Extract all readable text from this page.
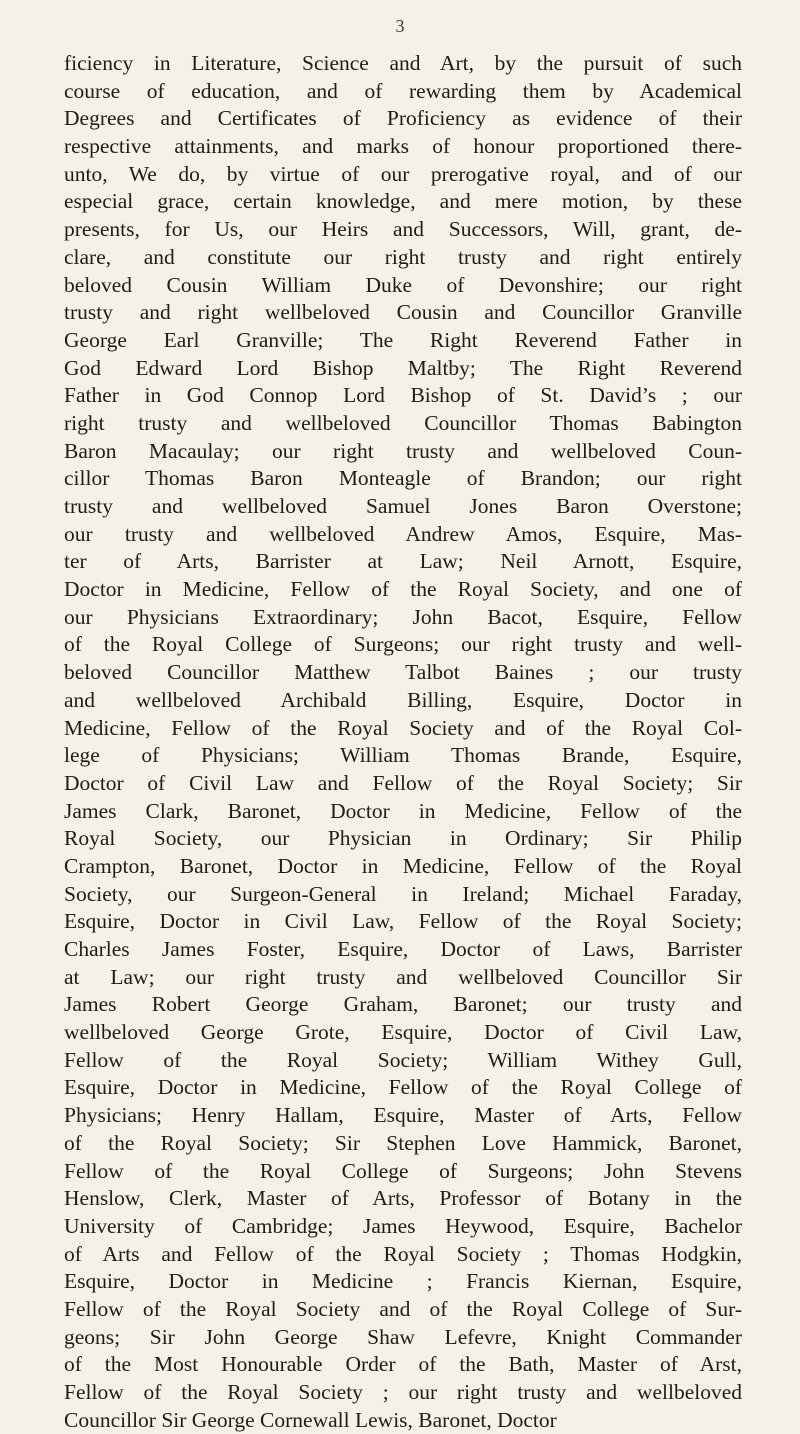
3
ficiency in Literature, Science and Art, by the pursuit of such
course of education, and of rewarding them by Academical
Degrees and Certificates of Proficiency as evidence of their
respective attainments, and marks of honour proportioned there-
unto, We do, by virtue of our prerogative royal, and of our
especial grace, certain knowledge, and mere motion, by these
presents, for Us, our Heirs and Successors, Will, grant, de-
clare, and constitute our right trusty and right entirely
beloved Cousin William Duke of Devonshire; our right
trusty and right wellbeloved Cousin and Councillor Granville
George Earl Granville; The Right Reverend Father in
God Edward Lord Bishop Maltby; The Right Reverend
Father in God Connop Lord Bishop of St. David’s ; our
right trusty and wellbeloved Councillor Thomas Babington
Baron Macaulay; our right trusty and wellbeloved Coun-
cillor Thomas Baron Monteagle of Brandon; our right
trusty and wellbeloved Samuel Jones Baron Overstone;
our trusty and wellbeloved Andrew Amos, Esquire, Mas-
ter of Arts, Barrister at Law; Neil Arnott, Esquire,
Doctor in Medicine, Fellow of the Royal Society, and one of
our Physicians Extraordinary; John Bacot, Esquire, Fellow
of the Royal College of Surgeons; our right trusty and well-
beloved Councillor Matthew Talbot Baines ; our trusty
and wellbeloved Archibald Billing, Esquire, Doctor in
Medicine, Fellow of the Royal Society and of the Royal Col-
lege of Physicians; William Thomas Brande, Esquire,
Doctor of Civil Law and Fellow of the Royal Society; Sir
James Clark, Baronet, Doctor in Medicine, Fellow of the
Royal Society, our Physician in Ordinary; Sir Philip
Crampton, Baronet, Doctor in Medicine, Fellow of the Royal
Society, our Surgeon-General in Ireland; Michael Faraday,
Esquire, Doctor in Civil Law, Fellow of the Royal Society;
Charles James Foster, Esquire, Doctor of Laws, Barrister
at Law; our right trusty and wellbeloved Councillor Sir
James Robert George Graham, Baronet; our trusty and
wellbeloved George Grote, Esquire, Doctor of Civil Law,
Fellow of the Royal Society; William Withey Gull,
Esquire, Doctor in Medicine, Fellow of the Royal College of
Physicians; Henry Hallam, Esquire, Master of Arts, Fellow
of the Royal Society; Sir Stephen Love Hammick, Baronet,
Fellow of the Royal College of Surgeons; John Stevens
Henslow, Clerk, Master of Arts, Professor of Botany in the
University of Cambridge; James Heywood, Esquire, Bachelor
of Arts and Fellow of the Royal Society ; Thomas Hodgkin,
Esquire, Doctor in Medicine ; Francis Kiernan, Esquire,
Fellow of the Royal Society and of the Royal College of Sur-
geons; Sir John George Shaw Lefevre, Knight Commander
of the Most Honourable Order of the Bath, Master of Arst,
Fellow of the Royal Society ; our right trusty and wellbeloved
Councillor Sir George Cornewall Lewis, Baronet, Doctor
